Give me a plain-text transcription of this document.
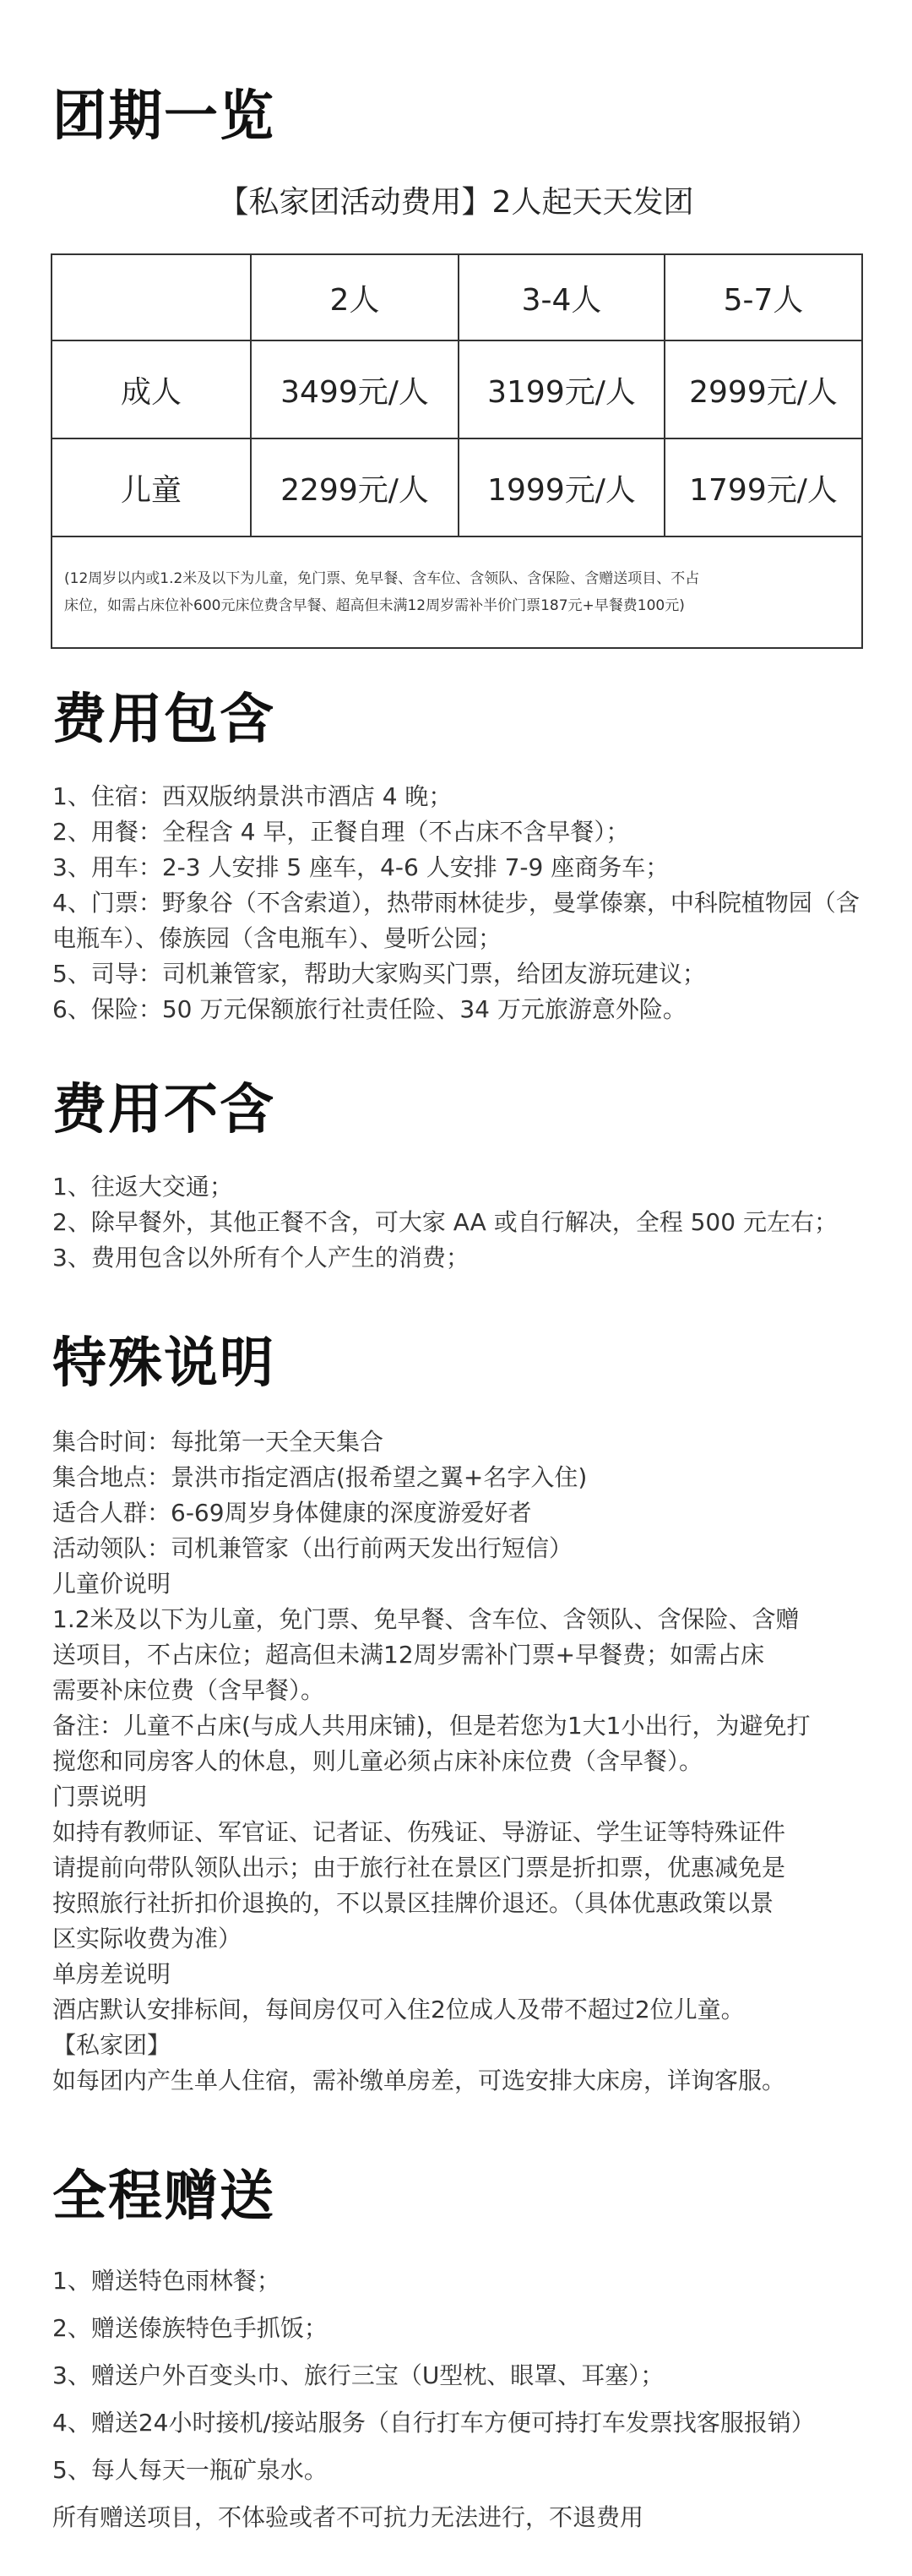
团期一览
【私家团活动费用】2人起天天发团
	2人	3-4人	5-7人
成人	3499元/人	3199元/人	2999元/人
儿童	2299元/人	1999元/人	1799元/人

(12周岁以内或1.2米及以下为儿童，免门票、免早餐、含车位、含领队、含保险、含赠送项目、不占
床位，如需占床位补600元床位费含早餐、超高但未满12周岁需补半价门票187元+早餐费100元)			
费用包含

1、住宿：西双版纳景洪市酒店 4 晚；

2、用餐：全程含 4 早，正餐自理（不占床不含早餐）；

3、用车：2-3 人安排 5 座车，4-6 人安排 7-9 座商务车；

4、门票：野象谷（不含索道），热带雨林徒步，曼掌傣寨，中科院植物园（含

电瓶车）、傣族园（含电瓶车）、曼听公园；

5、司导：司机兼管家，帮助大家购买门票，给团友游玩建议；

6、保险：50 万元保额旅行社责任险、34 万元旅游意外险。

费用不含

1、往返大交通；

2、除早餐外，其他正餐不含，可大家 AA 或自行解决，全程 500 元左右；

3、费用包含以外所有个人产生的消费；

特殊说明

集合时间：每批第一天全天集合

集合地点：景洪市指定酒店(报希望之翼+名字入住)

适合人群：6-69周岁身体健康的深度游爱好者

活动领队：司机兼管家（出行前两天发出行短信）

儿童价说明

1.2米及以下为儿童，免门票、免早餐、含车位、含领队、含保险、含赠

送项目，不占床位；超高但未满12周岁需补门票+早餐费；如需占床

需要补床位费（含早餐）。

备注：儿童不占床(与成人共用床铺)，但是若您为1大1小出行，为避免打

搅您和同房客人的休息，则儿童必须占床补床位费（含早餐）。

门票说明

如持有教师证、军官证、记者证、伤残证、导游证、学生证等特殊证件

请提前向带队领队出示；由于旅行社在景区门票是折扣票，优惠减免是

按照旅行社折扣价退换的，不以景区挂牌价退还。（具体优惠政策以景

区实际收费为准）

单房差说明

酒店默认安排标间，每间房仅可入住2位成人及带不超过2位儿童。

【私家团】

如每团内产生单人住宿，需补缴单房差，可选安排大床房，详询客服。

全程赠送

1、赠送特色雨林餐；

2、赠送傣族特色手抓饭；

3、赠送户外百变头巾、旅行三宝（U型枕、眼罩、耳塞）；

4、赠送24小时接机/接站服务（自行打车方便可持打车发票找客服报销）

5、每人每天一瓶矿泉水。

所有赠送项目，不体验或者不可抗力无法进行，不退费用
